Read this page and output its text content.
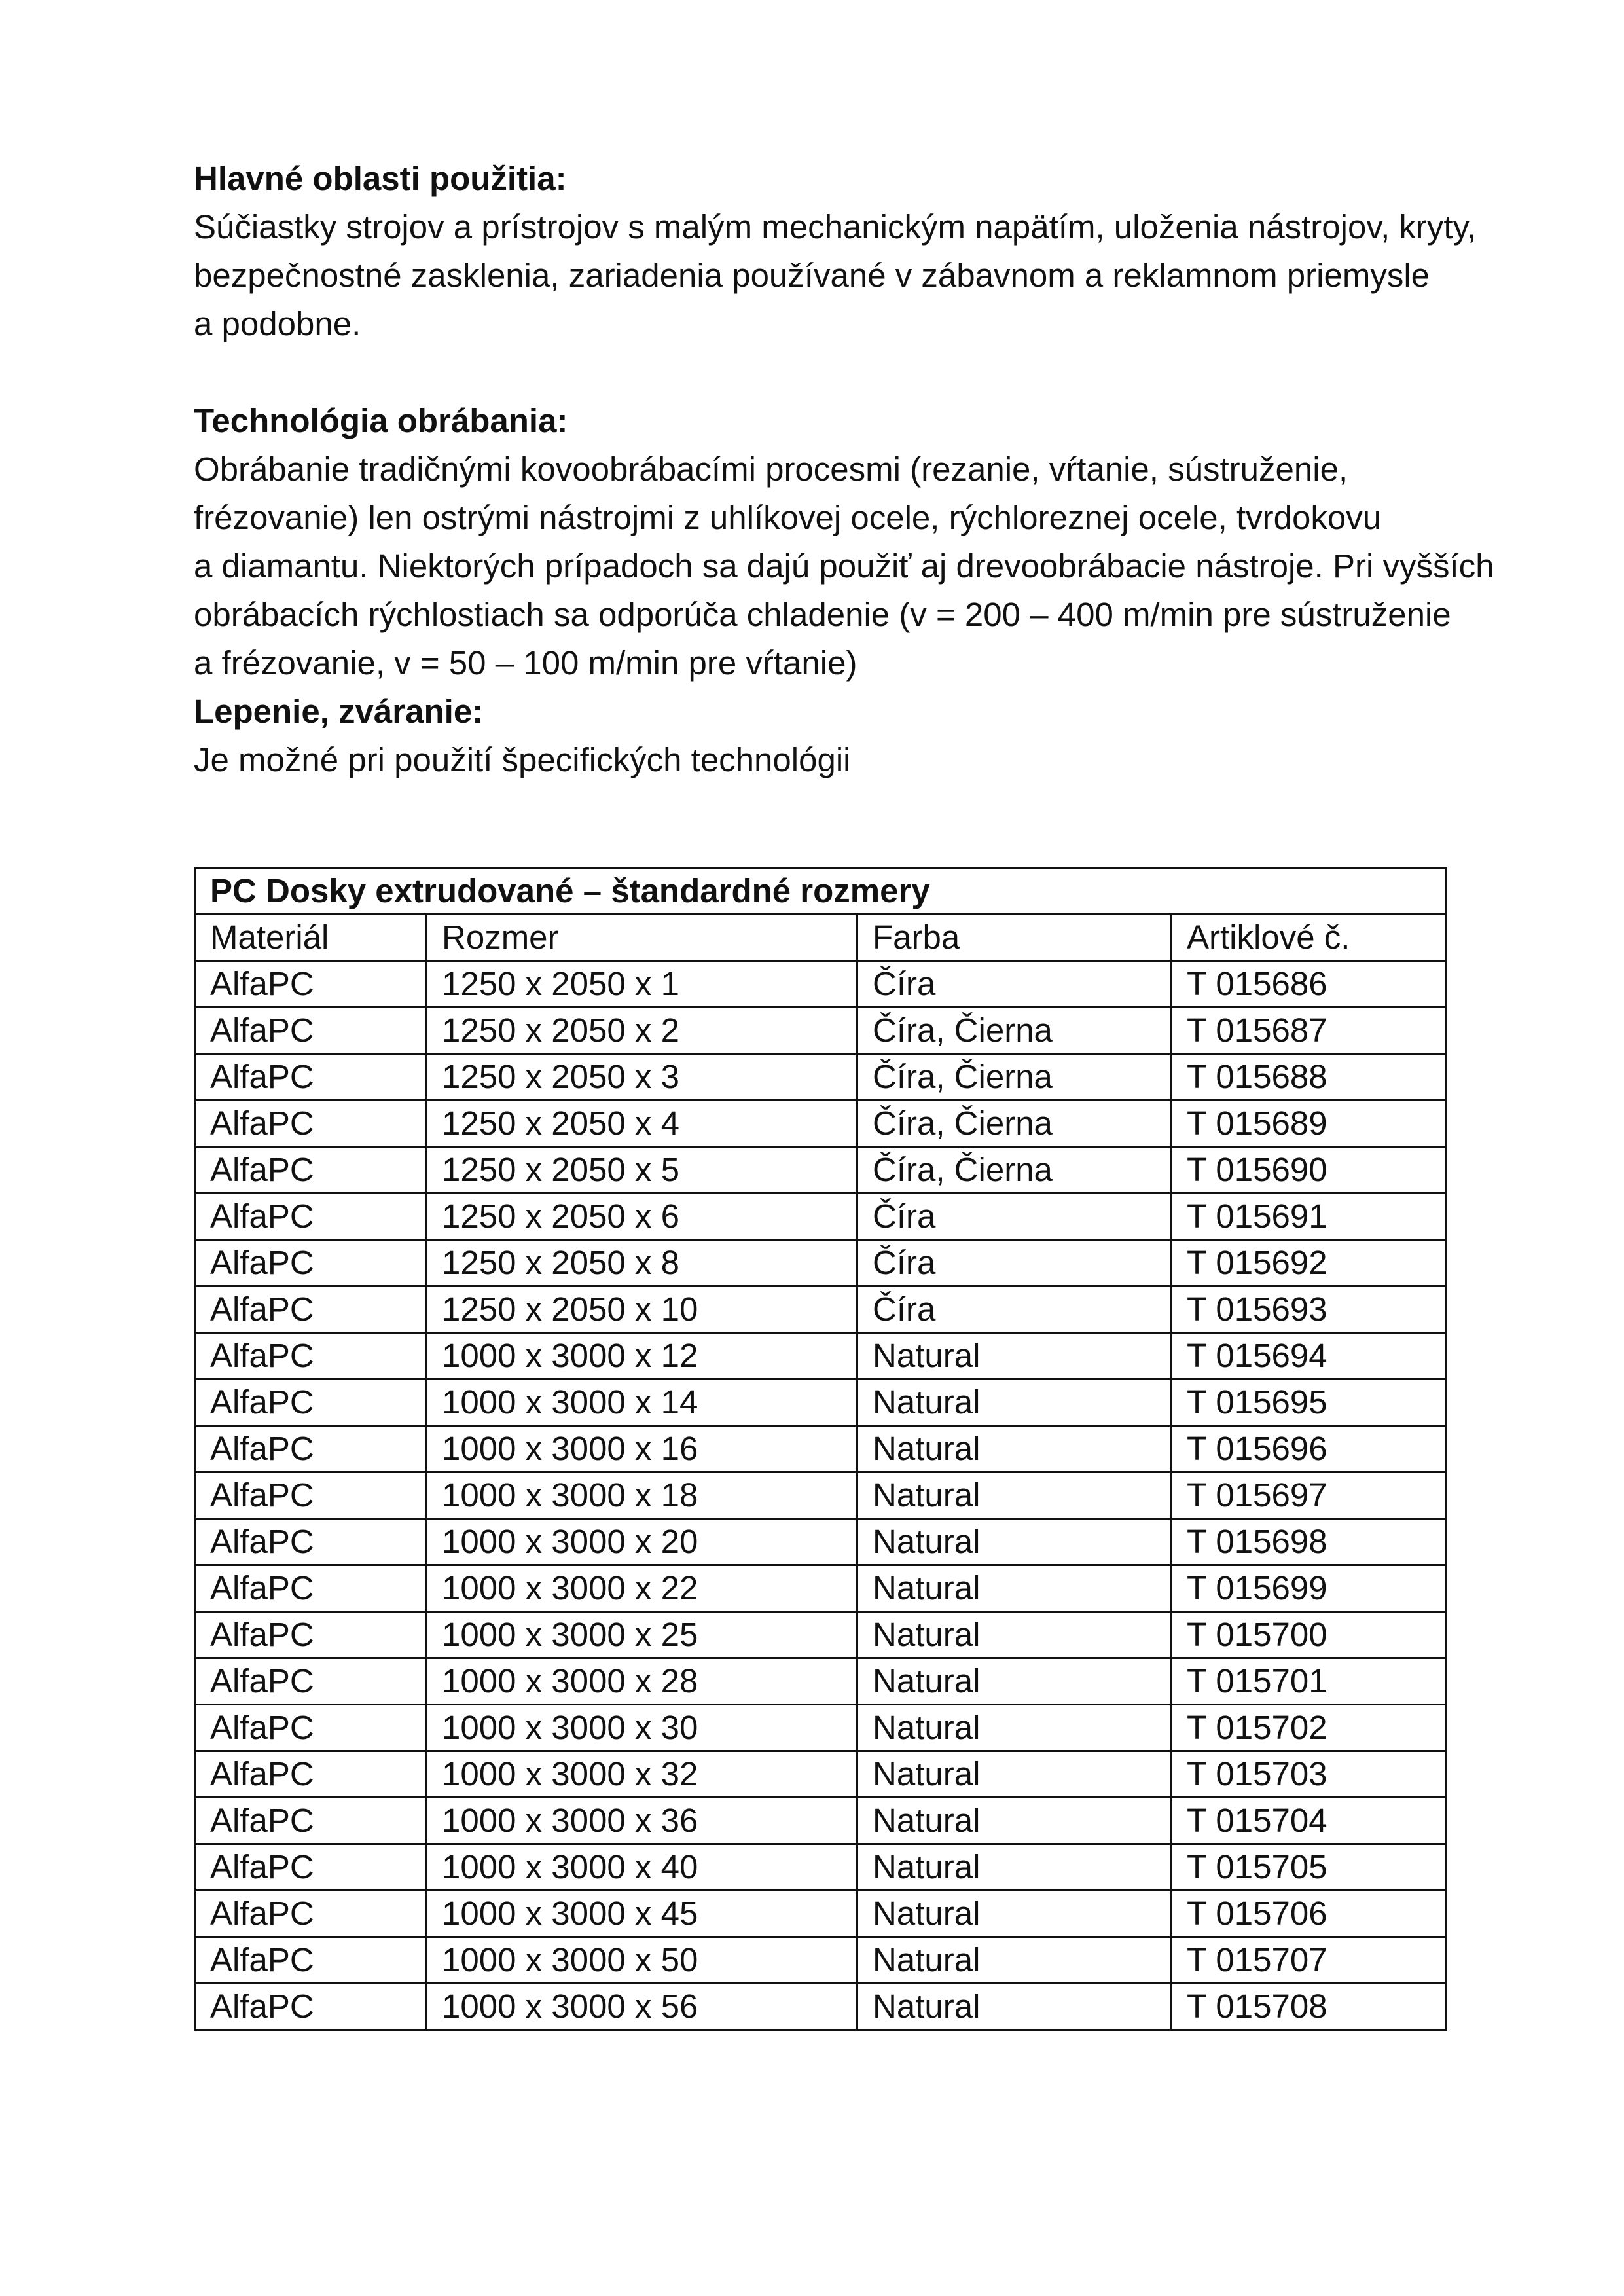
Hlavné oblasti použitia:

Súčiastky strojov a prístrojov s malým mechanickým napätím, uloženia nástrojov, kryty,
bezpečnostné zasklenia, zariadenia používané v zábavnom a reklamnom priemysle
a podobne.

Technológia obrábania:

Obrábanie tradičnými kovoobrábacími procesmi (rezanie, vŕtanie, sústruženie,
frézovanie) len ostrými nástrojmi z uhlíkovej ocele, rýchloreznej ocele, tvrdokovu
a diamantu. Niektorých prípadoch sa dajú použiť aj drevoobrábacie nástroje. Pri vyšších
obrábacích rýchlostiach sa odporúča chladenie (v = 200 – 400 m/min pre sústruženie
a frézovanie, v = 50 – 100 m/min pre vŕtanie)

Lepenie, zváranie:

Je možné pri použití špecifických technológii

PC Dosky extrudované – štandardné rozmery			
Materiál	Rozmer	Farba	Artiklové č.
AlfaPC	1250 x 2050 x 1	Číra	T 015686
AlfaPC	1250 x 2050 x 2	Číra, Čierna	T 015687
AlfaPC	1250 x 2050 x 3	Číra, Čierna	T 015688
AlfaPC	1250 x 2050 x 4	Číra, Čierna	T 015689
AlfaPC	1250 x 2050 x 5	Číra, Čierna	T 015690
AlfaPC	1250 x 2050 x 6	Číra	T 015691
AlfaPC	1250 x 2050 x 8	Číra	T 015692
AlfaPC	1250 x 2050 x 10	Číra	T 015693
AlfaPC	1000 x 3000 x 12	Natural	T 015694
AlfaPC	1000 x 3000 x 14	Natural	T 015695
AlfaPC	1000 x 3000 x 16	Natural	T 015696
AlfaPC	1000 x 3000 x 18	Natural	T 015697
AlfaPC	1000 x 3000 x 20	Natural	T 015698
AlfaPC	1000 x 3000 x 22	Natural	T 015699
AlfaPC	1000 x 3000 x 25	Natural	T 015700
AlfaPC	1000 x 3000 x 28	Natural	T 015701
AlfaPC	1000 x 3000 x 30	Natural	T 015702
AlfaPC	1000 x 3000 x 32	Natural	T 015703
AlfaPC	1000 x 3000 x 36	Natural	T 015704
AlfaPC	1000 x 3000 x 40	Natural	T 015705
AlfaPC	1000 x 3000 x 45	Natural	T 015706
AlfaPC	1000 x 3000 x 50	Natural	T 015707
AlfaPC	1000 x 3000 x 56	Natural	T 015708
